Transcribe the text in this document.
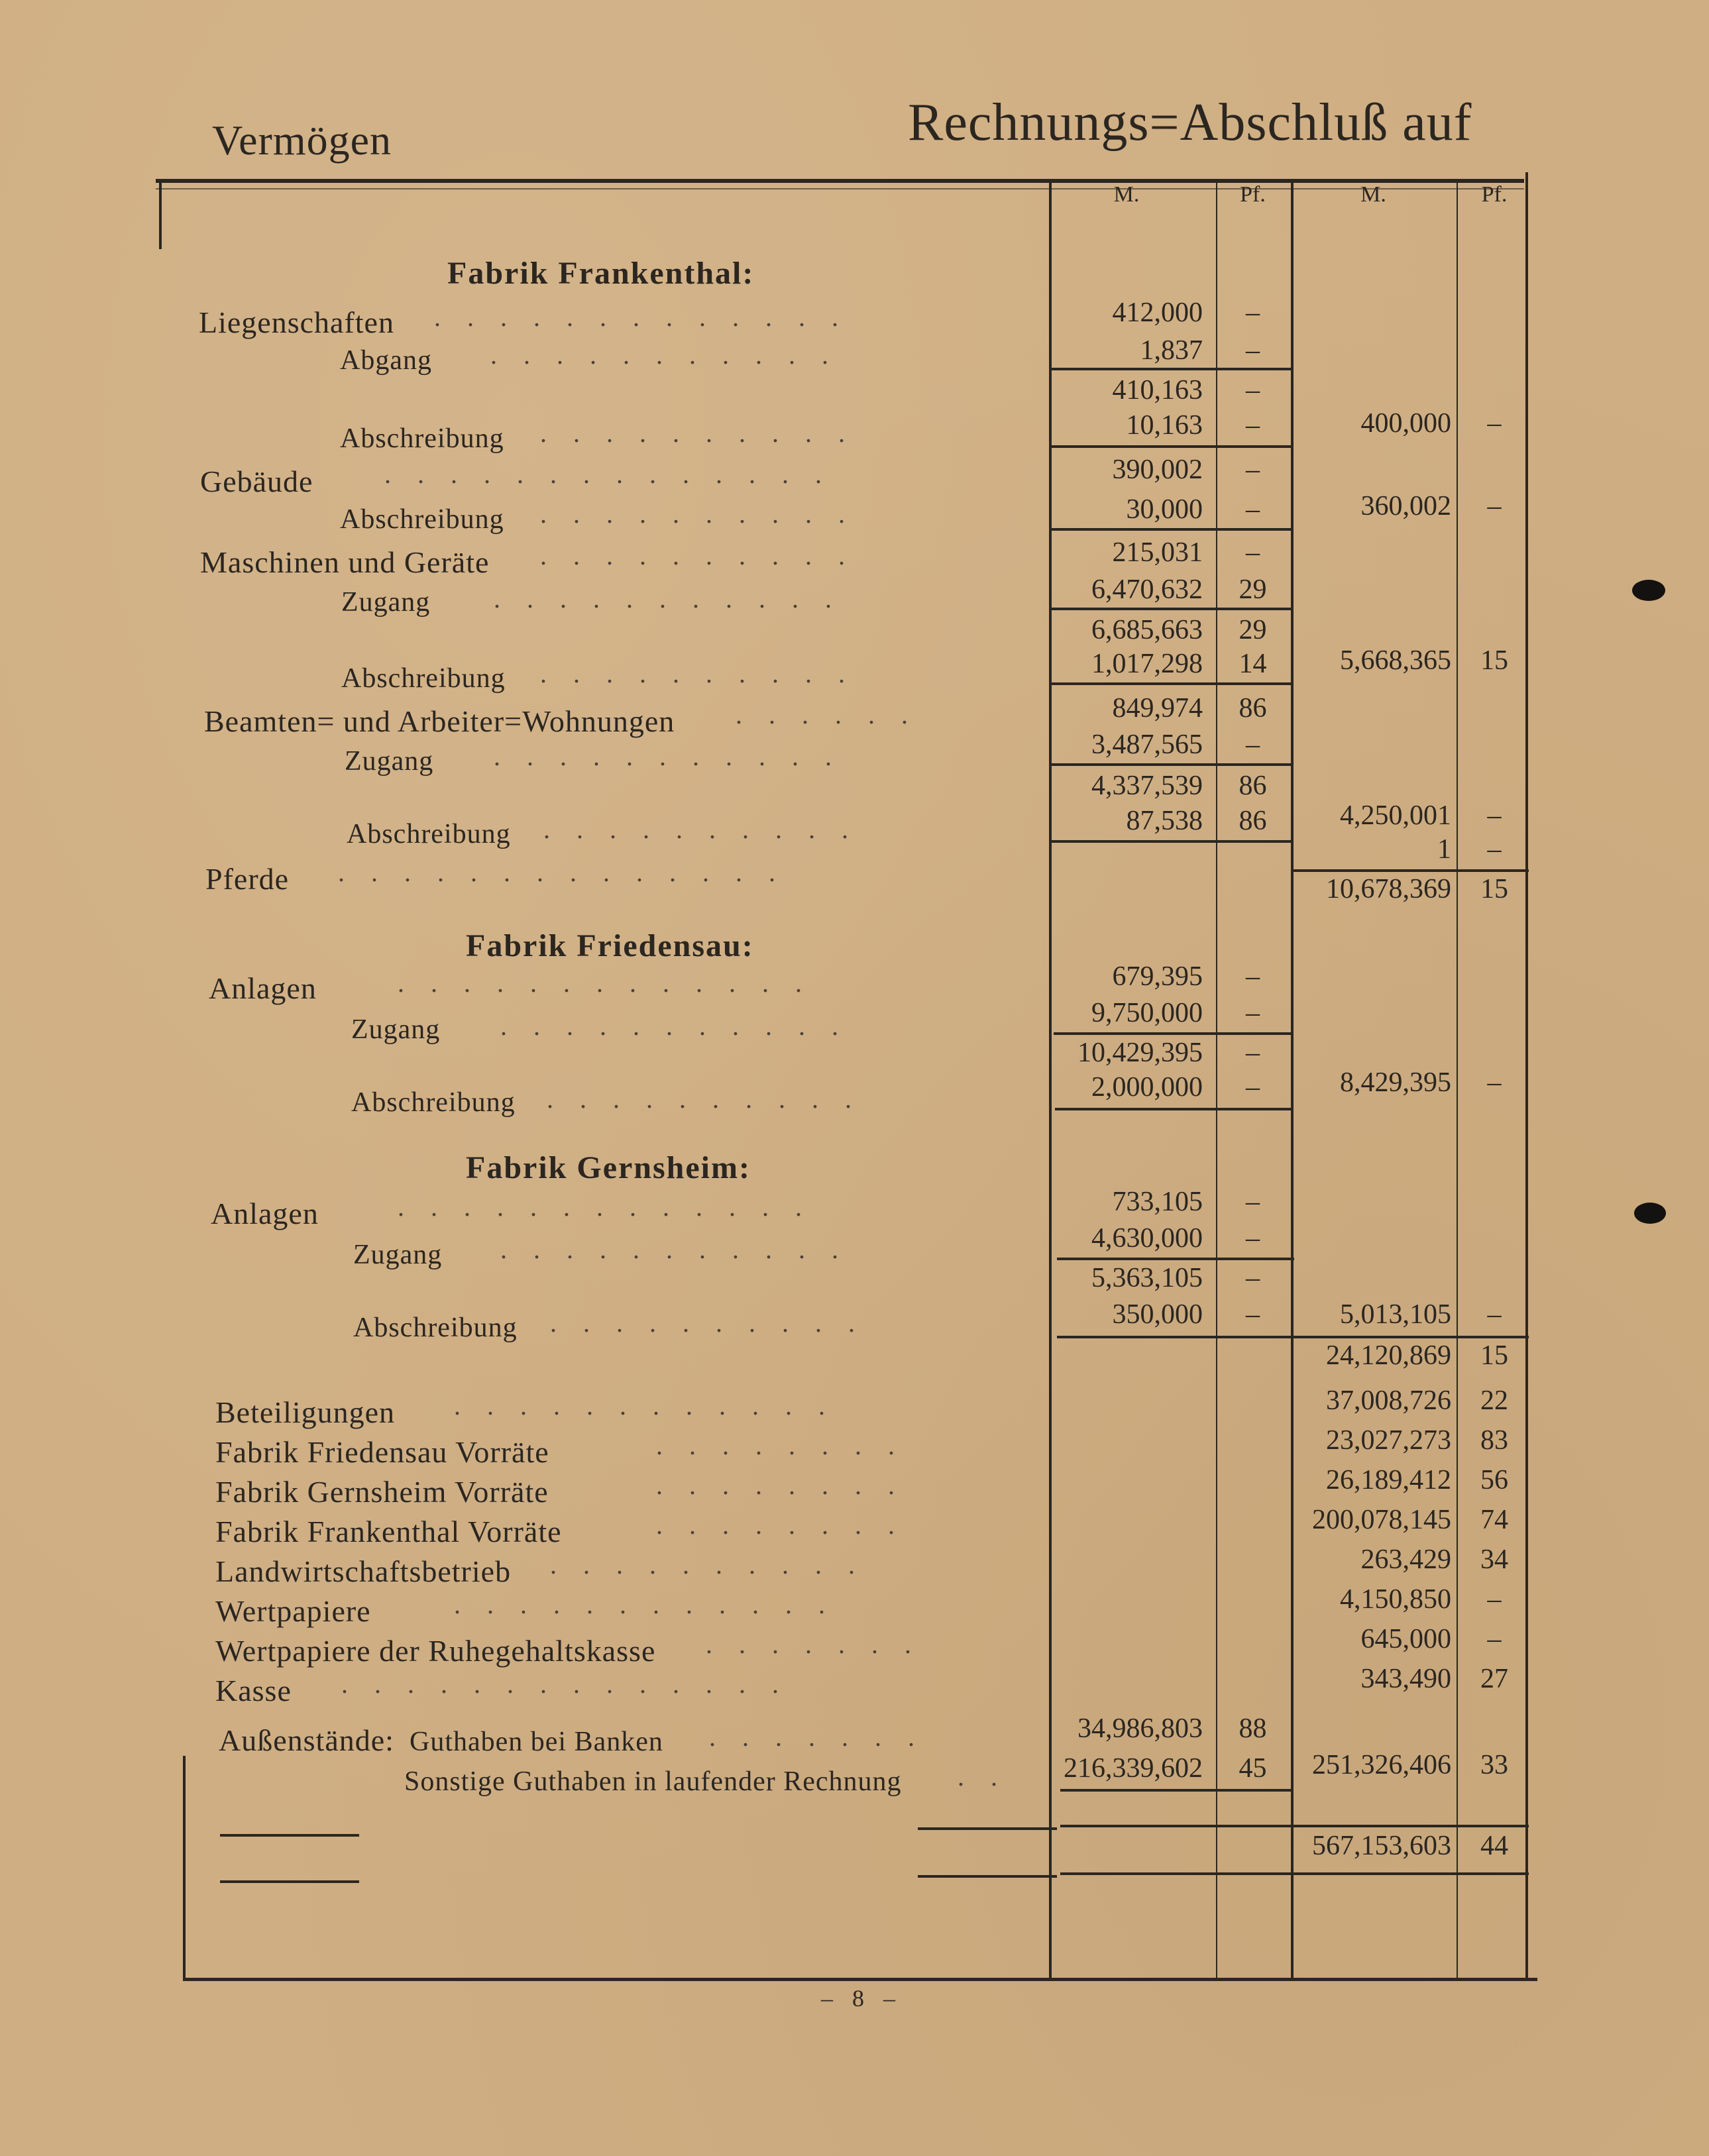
Vermögen	Rechnungs=Abschluß auf
M.	Pf.	M.	Pf.
Fabrik Frankenthal:
Liegenschaften .    .    .    .    .    .    .    .    .    .    .    .    .	412,000	–
Abgang .    .    .    .    .    .    .    .    .    .    .	1,837	–
410,163	–
Abschreibung .    .    .    .    .    .    .    .    .    .	10,163	–	400,000	–
Gebäude	.    .    .    .    .    .    .    .    .    .    .    .    .    .	390,002	–
Abschreibung .    .    .    .    .    .    .    .    .    .	30,000	–	360,002	–
Maschinen und Geräte .    .    .    .    .    .    .    .    .    .	215,031	–
Zugang .    .    .    .    .    .    .    .    .    .    .	6,470,632	29
6,685,663	29
Abschreibung .    .    .    .    .    .    .    .    .    .	1,017,298	14	5,668,365	15
Beamten= und Arbeiter=Wohnungen .    .    .    .    .    .	849,974	86
Zugang .    .    .    .    .    .    .    .    .    .    .	3,487,565	–
4,337,539	86
Abschreibung .    .    .    .    .    .    .    .    .    .	87,538	86	4,250,001	–
1	–
Pferde .    .    .    .    .    .    .    .    .    .    .    .    .    .
10,678,369	15
Fabrik Friedensau:
Anlagen	.    .    .    .    .    .    .    .    .    .    .    .    .	679,395	–
Zugang .    .    .    .    .    .    .    .    .    .    .	9,750,000	–
10,429,395	–
Abschreibung .    .    .    .    .    .    .    .    .    .	2,000,000	–	8,429,395	–
Fabrik Gernsheim:
Anlagen	.    .    .    .    .    .    .    .    .    .    .    .    .	733,105	–
Zugang .    .    .    .    .    .    .    .    .    .    .	4,630,000	–
5,363,105	–
Abschreibung .    .    .    .    .    .    .    .    .    .	350,000	–	5,013,105	–
24,120,869	15
Beteiligungen .    .    .    .    .    .    .    .    .    .    .    .	37,008,726	22
Fabrik Friedensau Vorräte	.    .    .    .    .    .    .    .	23,027,273	83
Fabrik Gernsheim Vorräte	.    .    .    .    .    .    .    .	26,189,412	56
Fabrik Frankenthal Vorräte	.    .    .    .    .    .    .    .	200,078,145	74
Landwirtschaftsbetrieb .    .    .    .    .    .    .    .    .    .	263,429	34
Wertpapiere	.    .    .    .    .    .    .    .    .    .    .    .	4,150,850	–
Wertpapiere der Ruhegehaltskasse .    .    .    .    .    .    .	645,000	–
Kasse .    .    .    .    .    .    .    .    .    .    .    .    .    .	343,490	27
Außenstände: Guthaben bei Banken .    .    .    .    .    .    .	34,986,803	88
Sonstige Guthaben in laufender Rechnung .    .	216,339,602	45	251,326,406	33
567,153,603	44
– 8 –
